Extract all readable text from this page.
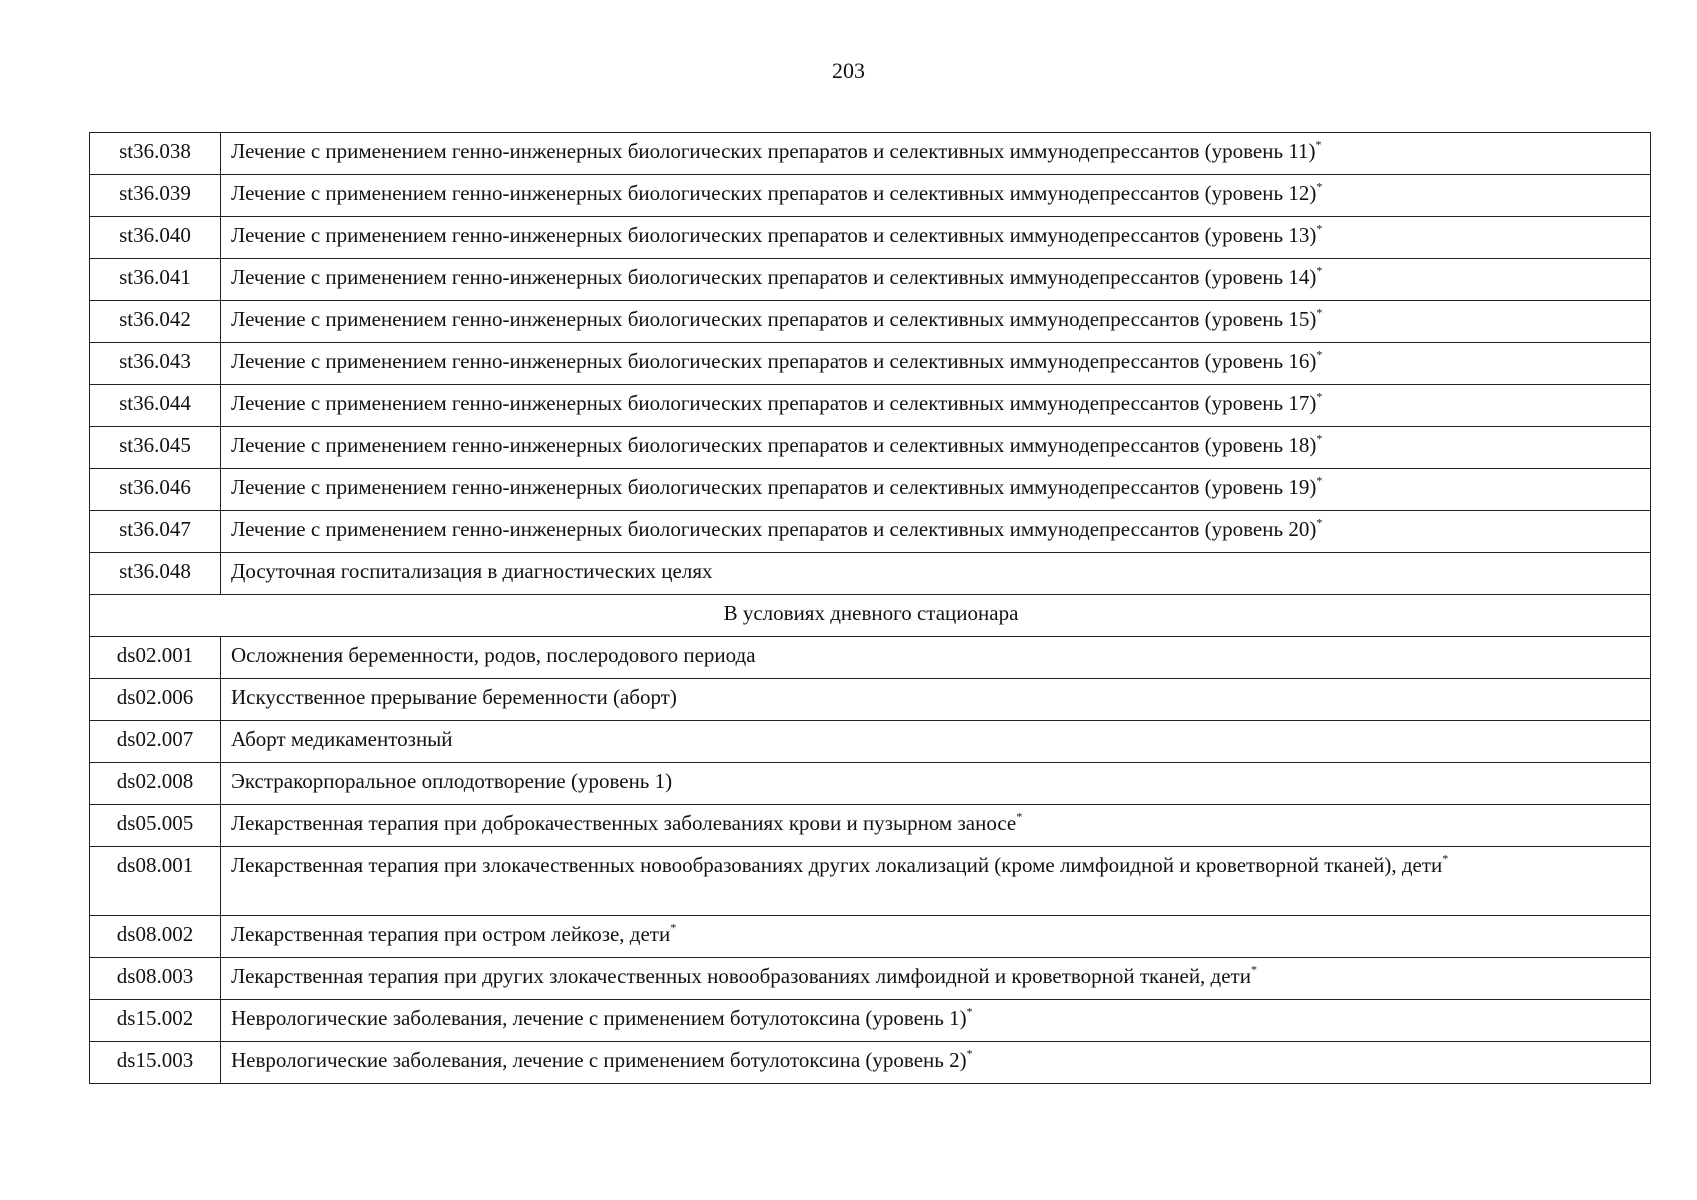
203
st36.038	Лечение с применением генно-инженерных биологических препаратов и селективных иммунодепрессантов (уровень 11)*
st36.039	Лечение с применением генно-инженерных биологических препаратов и селективных иммунодепрессантов (уровень 12)*
st36.040	Лечение с применением генно-инженерных биологических препаратов и селективных иммунодепрессантов (уровень 13)*
st36.041	Лечение с применением генно-инженерных биологических препаратов и селективных иммунодепрессантов (уровень 14)*
st36.042	Лечение с применением генно-инженерных биологических препаратов и селективных иммунодепрессантов (уровень 15)*
st36.043	Лечение с применением генно-инженерных биологических препаратов и селективных иммунодепрессантов (уровень 16)*
st36.044	Лечение с применением генно-инженерных биологических препаратов и селективных иммунодепрессантов (уровень 17)*
st36.045	Лечение с применением генно-инженерных биологических препаратов и селективных иммунодепрессантов (уровень 18)*
st36.046	Лечение с применением генно-инженерных биологических препаратов и селективных иммунодепрессантов (уровень 19)*
st36.047	Лечение с применением генно-инженерных биологических препаратов и селективных иммунодепрессантов (уровень 20)*
st36.048	Досуточная госпитализация в диагностических целях
В условиях дневного стационара	
ds02.001	Осложнения беременности, родов, послеродового периода
ds02.006	Искусственное прерывание беременности (аборт)
ds02.007	Аборт медикаментозный
ds02.008	Экстракорпоральное оплодотворение (уровень 1)
ds05.005	Лекарственная терапия при доброкачественных заболеваниях крови и пузырном заносе*
ds08.001	Лекарственная терапия при злокачественных новообразованиях других локализаций (кроме лимфоидной и кроветворной тканей), дети*
ds08.002	Лекарственная терапия при остром лейкозе, дети*
ds08.003	Лекарственная терапия при других злокачественных новообразованиях лимфоидной и кроветворной тканей, дети*
ds15.002	Неврологические заболевания, лечение с применением ботулотоксина (уровень 1)*
ds15.003	Неврологические заболевания, лечение с применением ботулотоксина (уровень 2)*
